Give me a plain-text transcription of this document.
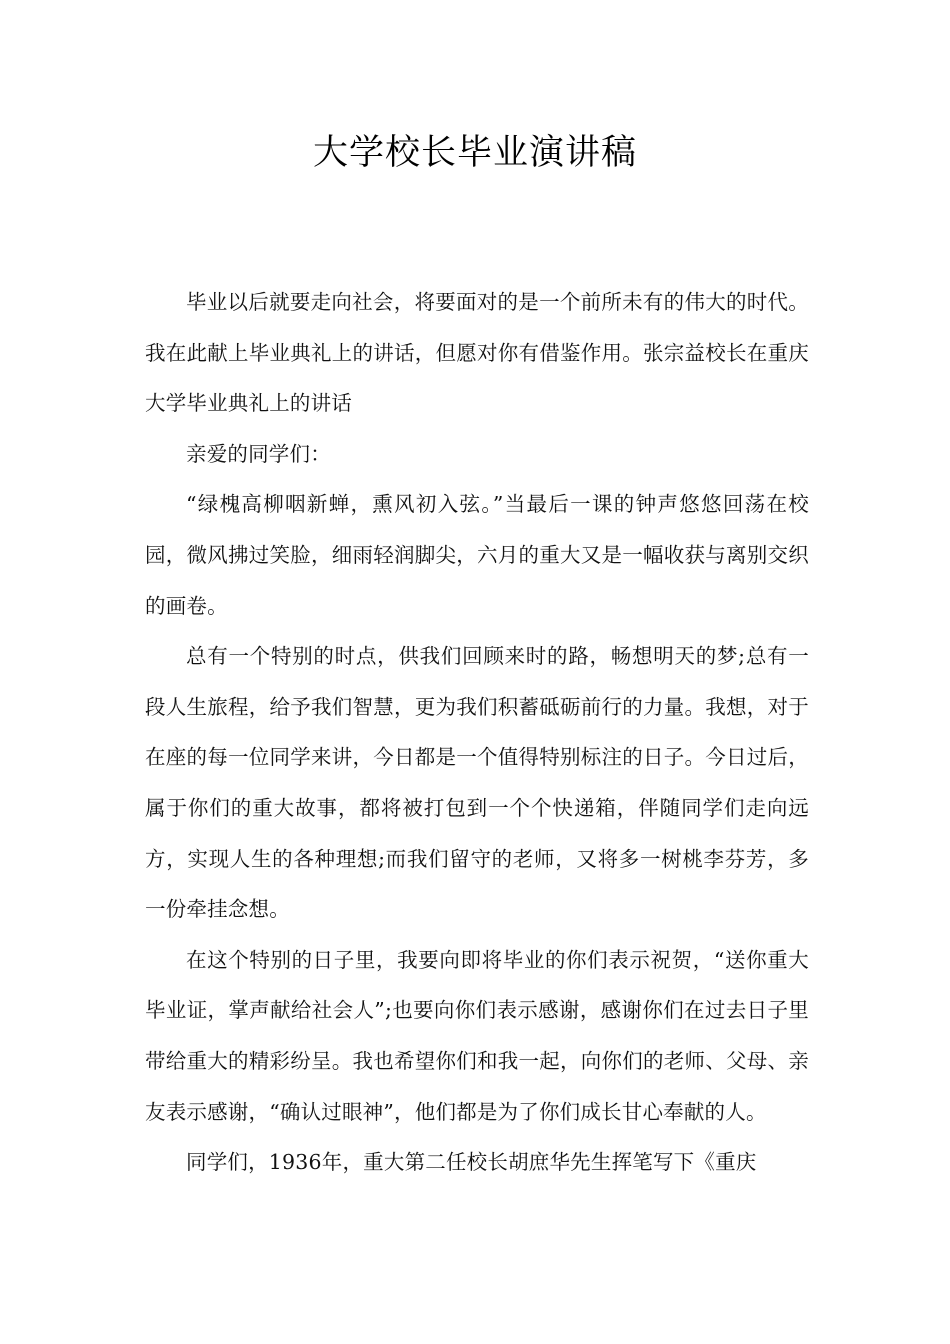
大学校长毕业演讲稿

毕业以后就要走向社会，将要面对的是一个前所未有的伟大的时代。 我在此献上毕业典礼上的讲话，但愿对你有借鉴作用。张宗益校长在重庆大学毕业典礼上的讲话

亲爱的同学们：

“绿槐高柳咽新蝉，熏风初入弦。”当最后一课的钟声悠悠回荡在校园，微风拂过笑脸，细雨轻润脚尖，六月的重大又是一幅收获与离别交织的画卷。

总有一个特别的时点，供我们回顾来时的路，畅想明天的梦;总有一段人生旅程，给予我们智慧，更为我们积蓄砥砺前行的力量。我想，对于在座的每一位同学来讲，今日都是一个值得特别标注的日子。今日过后，属于你们的重大故事，都将被打包到一个个快递箱，伴随同学们走向远方，实现人生的各种理想;而我们留守的老师，又将多一树桃李芬芳，多一份牵挂念想。

在这个特别的日子里，我要向即将毕业的你们表示祝贺，“送你重大毕业证，掌声献给社会人”;也要向你们表示感谢，感谢你们在过去日子里带给重大的精彩纷呈。我也希望你们和我一起，向你们的老师、父母、亲友表示感谢，“确认过眼神”，他们都是为了你们成长甘心奉献的人。

同学们，1936年，重大第二任校长胡庶华先生挥笔写下《重庆
